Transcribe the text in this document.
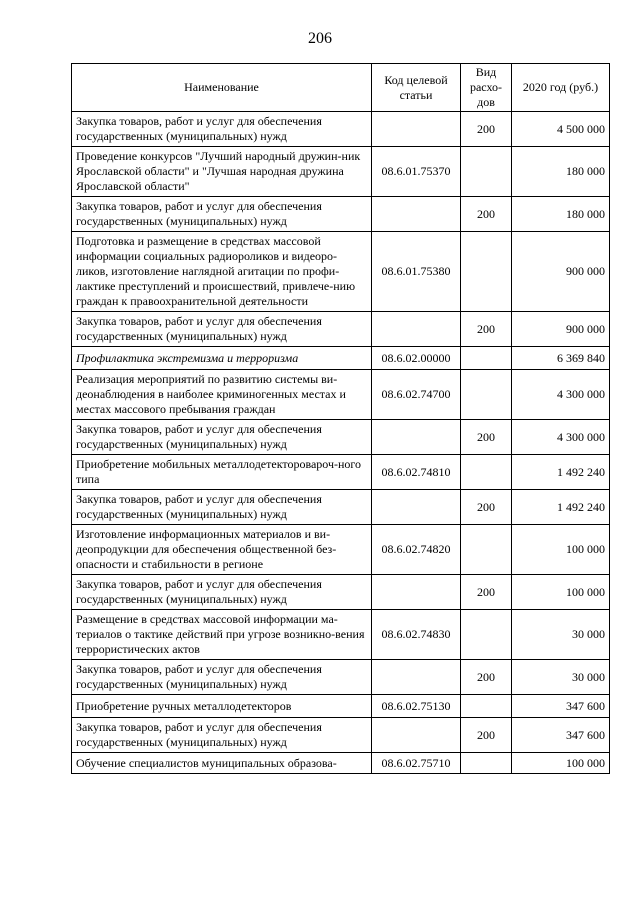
206
Наименование	Код целевой статьи	Вид расхо-дов	2020 год (руб.)
Закупка товаров, работ и услуг для обеспечения государственных (муниципальных) нужд		200	4 500 000
Проведение конкурсов "Лучший народный дружин-ник Ярославской области" и "Лучшая народная дружина Ярославской области"	08.6.01.75370		180 000
Закупка товаров, работ и услуг для обеспечения государственных (муниципальных) нужд		200	180 000
Подготовка и размещение в средствах массовой информации социальных радиороликов и видеоро-ликов, изготовление наглядной агитации по профи-лактике преступлений и происшествий, привлече-нию граждан к правоохранительной деятельности	08.6.01.75380		900 000
Закупка товаров, работ и услуг для обеспечения государственных (муниципальных) нужд		200	900 000
Профилактика экстремизма и терроризма	08.6.02.00000		6 369 840
Реализация мероприятий по развитию системы ви-деонаблюдения в наиболее криминогенных местах и местах массового пребывания граждан	08.6.02.74700		4 300 000
Закупка товаров, работ и услуг для обеспечения государственных (муниципальных) нужд		200	4 300 000
Приобретение мобильных металлодетекторовароч-ного типа	08.6.02.74810		1 492 240
Закупка товаров, работ и услуг для обеспечения государственных (муниципальных) нужд		200	1 492 240
Изготовление информационных материалов и ви-деопродукции для обеспечения общественной без-опасности и стабильности в регионе	08.6.02.74820		100 000
Закупка товаров, работ и услуг для обеспечения государственных (муниципальных) нужд		200	100 000
Размещение в средствах массовой информации ма-териалов о тактике действий при угрозе возникно-вения террористических актов	08.6.02.74830		30 000
Закупка товаров, работ и услуг для обеспечения государственных (муниципальных) нужд		200	30 000
Приобретение ручных металлодетекторов	08.6.02.75130		347 600
Закупка товаров, работ и услуг для обеспечения государственных (муниципальных) нужд		200	347 600
Обучение специалистов муниципальных образова-	08.6.02.75710		100 000
